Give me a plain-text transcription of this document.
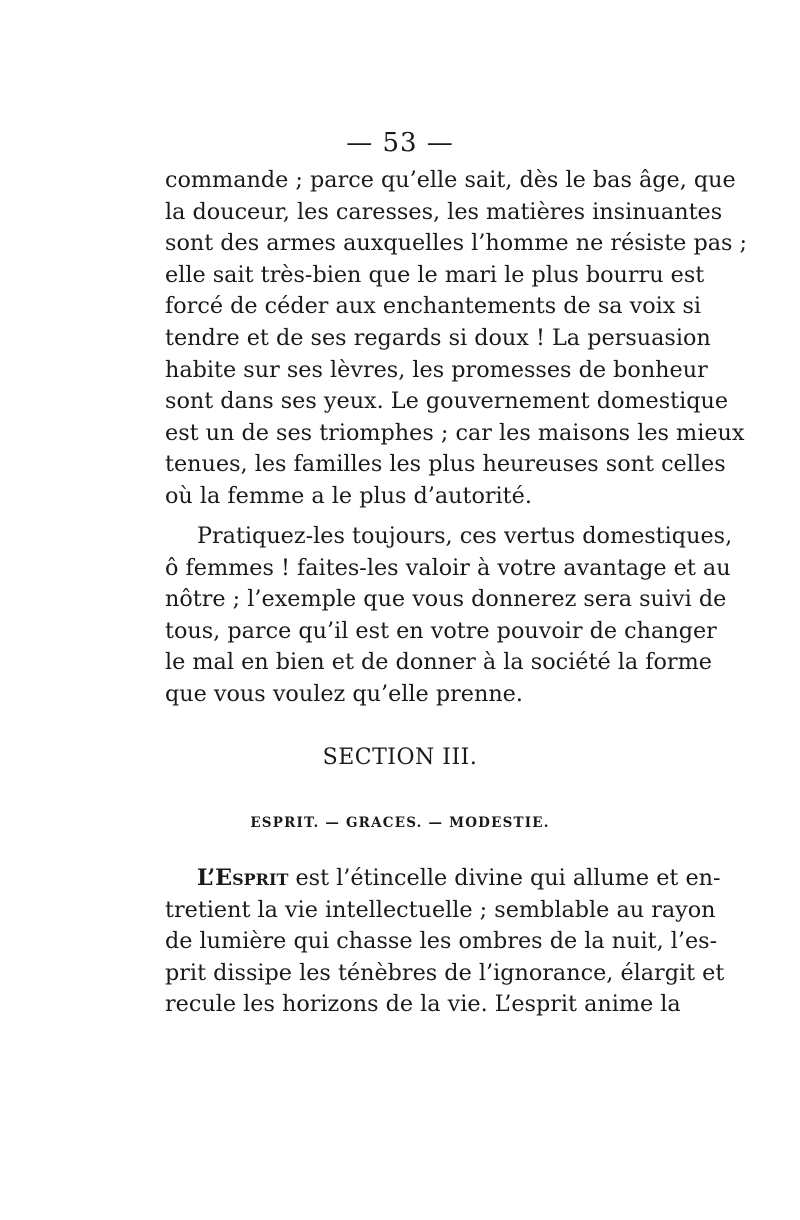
— 53 —
commande ; parce qu’elle sait, dès le bas âge, que
la douceur, les caresses, les matières insinuantes
sont des armes auxquelles l’homme ne résiste pas ;
elle sait très-bien que le mari le plus bourru est
forcé de céder aux enchantements de sa voix si
tendre et de ses regards si doux ! La persuasion
habite sur ses lèvres, les promesses de bonheur
sont dans ses yeux. Le gouvernement domestique
est un de ses triomphes ; car les maisons les mieux
tenues, les familles les plus heureuses sont celles
où la femme a le plus d’autorité.
Pratiquez-les toujours, ces vertus domestiques,
ô femmes ! faites-les valoir à votre avantage et au
nôtre ; l’exemple que vous donnerez sera suivi de
tous, parce qu’il est en votre pouvoir de changer
le mal en bien et de donner à la société la forme
que vous voulez qu’elle prenne.
SECTION III.
ESPRIT. — GRACES. — MODESTIE.
L’Esprit est l’étincelle divine qui allume et en-
tretient la vie intellectuelle ; semblable au rayon
de lumière qui chasse les ombres de la nuit, l’es-
prit dissipe les ténèbres de l’ignorance, élargit et
recule les horizons de la vie. L’esprit anime la
